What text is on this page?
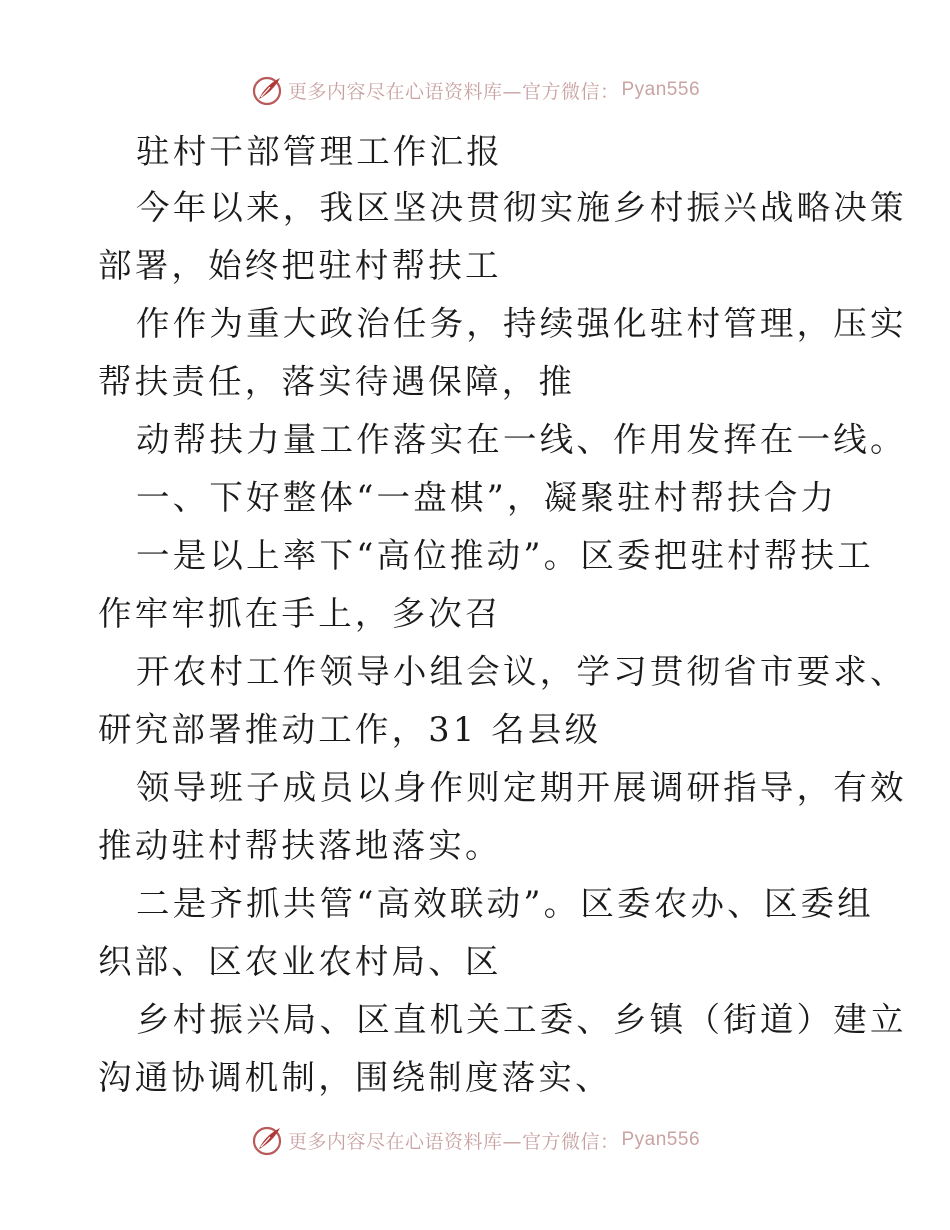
更多内容尽在心语资料库—官方微信： Pyan556
驻村干部管理工作汇报
今年以来，我区坚决贯彻实施乡村振兴战略决策
部署，始终把驻村帮扶工
作作为重大政治任务，持续强化驻村管理，压实
帮扶责任，落实待遇保障，推
动帮扶力量工作落实在一线、作用发挥在一线。
一、下好整体“一盘棋”，凝聚驻村帮扶合力
一是以上率下“高位推动”。区委把驻村帮扶工
作牢牢抓在手上，多次召
开农村工作领导小组会议，学习贯彻省市要求、
研究部署推动工作，31 名县级
领导班子成员以身作则定期开展调研指导，有效
推动驻村帮扶落地落实。
二是齐抓共管“高效联动”。区委农办、区委组
织部、区农业农村局、区
乡村振兴局、区直机关工委、乡镇（街道）建立
沟通协调机制，围绕制度落实、
更多内容尽在心语资料库—官方微信： Pyan556
